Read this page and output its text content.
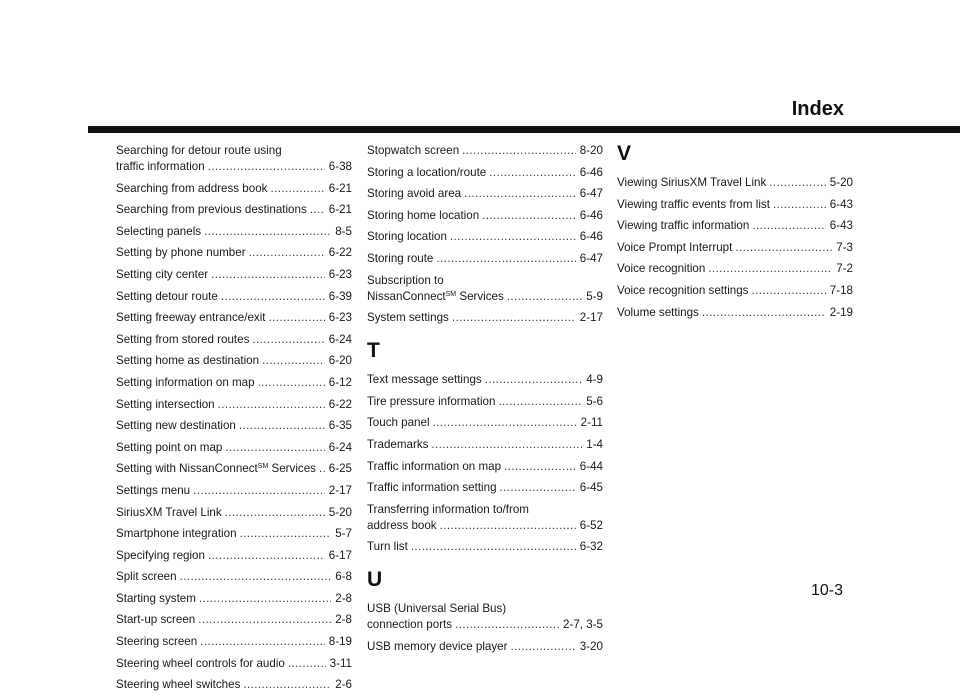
Index
Searching for detour route using
traffic information .....	6-38
Searching from address book .....	6-21
Searching from previous destinations ..... 6-21
Selecting panels .....	8-5
Setting by phone number .....	6-22
Setting city center .....	6-23
Setting detour route .....	6-39
Setting freeway entrance/exit .....	6-23
Setting from stored routes .....	6-24
Setting home as destination .....	6-20
Setting information on map .....	6-12
Setting intersection .....	6-22
Setting new destination .....	6-35
Setting point on map .....	6-24
Setting with NissanConnect℠ Services ..... 6-25
Settings menu .....	2-17
SiriusXM Travel Link .....	5-20
Smartphone integration .....	5-7
Specifying region .....	6-17
Split screen .....	6-8
Starting system .....	2-8
Start-up screen .....	2-8
Steering screen .....	8-19
Steering wheel controls for audio .....	3-11
Steering wheel switches .....	2-6
Stopwatch screen .....	8-20
Storing a location/route .....	6-46
Storing avoid area .....	6-47
Storing home location .....	6-46
Storing location .....	6-46
Storing route .....	6-47
Subscription to
NissanConnect℠ Services .....	5-9
System settings .....	2-17
T
Text message settings .....	4-9
Tire pressure information .....	5-6
Touch panel .....	2-11
Trademarks .....	1-4
Traffic information on map .....	6-44
Traffic information setting .....	6-45
Transferring information to/from
address book .....	6-52
Turn list .....	6-32
U
USB (Universal Serial Bus)
connection ports .....	2-7, 3-5
USB memory device player .....	3-20
V
Viewing SiriusXM Travel Link .....	5-20
Viewing traffic events from list .....	6-43
Viewing traffic information .....	6-43
Voice Prompt Interrupt .....	7-3
Voice recognition .....	7-2
Voice recognition settings .....	7-18
Volume settings .....	2-19
10-3
